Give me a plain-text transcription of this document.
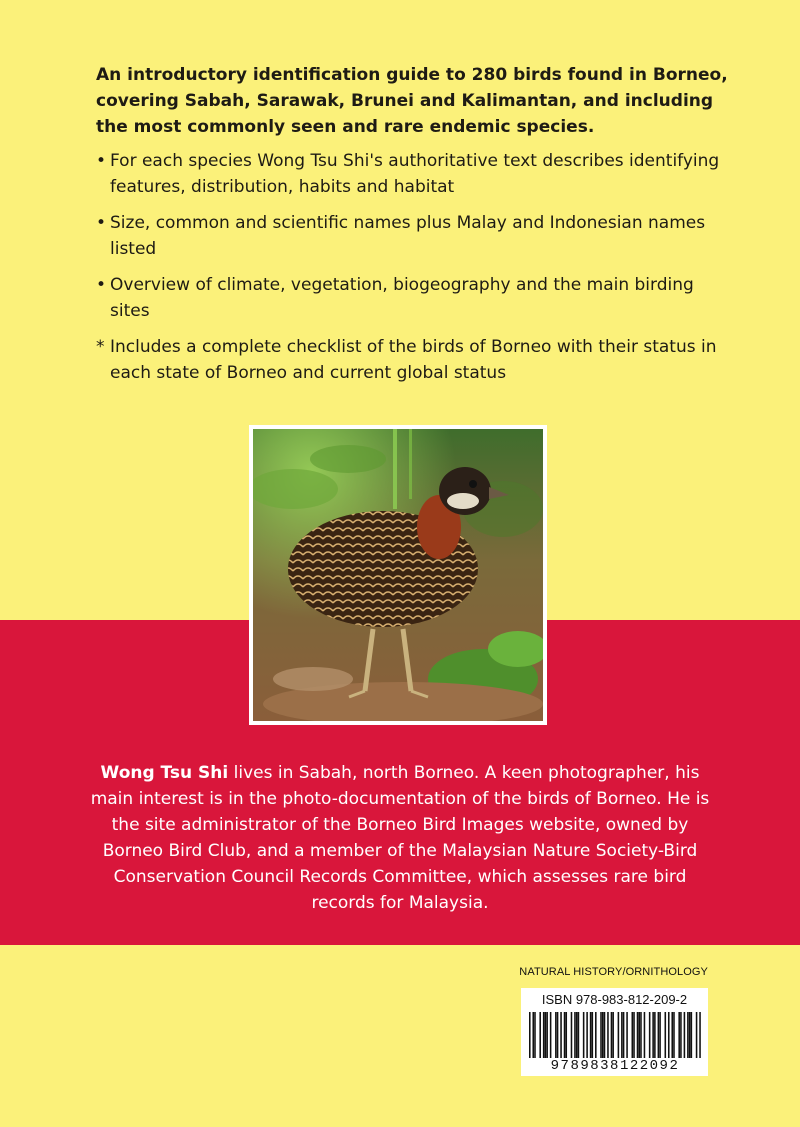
An introductory identification guide to 280 birds found in Borneo, covering Sabah, Sarawak, Brunei and Kalimantan, and including the most commonly seen and rare endemic species.

• For each species Wong Tsu Shi's authoritative text describes identifying features, distribution, habits and habitat
• Size, common and scientific names plus Malay and Indonesian names listed
• Overview of climate, vegetation, biogeography and the main birding sites
* Includes a complete checklist of the birds of Borneo with their status in each state of Borneo and current global status
Wong Tsu Shi lives in Sabah, north Borneo. A keen photographer, his main interest is in the photo-documentation of the birds of Borneo. He is the site administrator of the Borneo Bird Images website, owned by Borneo Bird Club, and a member of the Malaysian Nature Society-Bird Conservation Council Records Committee, which assesses rare bird records for Malaysia.
NATURAL HISTORY/ORNITHOLOGY
ISBN 978-983-812-209-2
9789838122092
